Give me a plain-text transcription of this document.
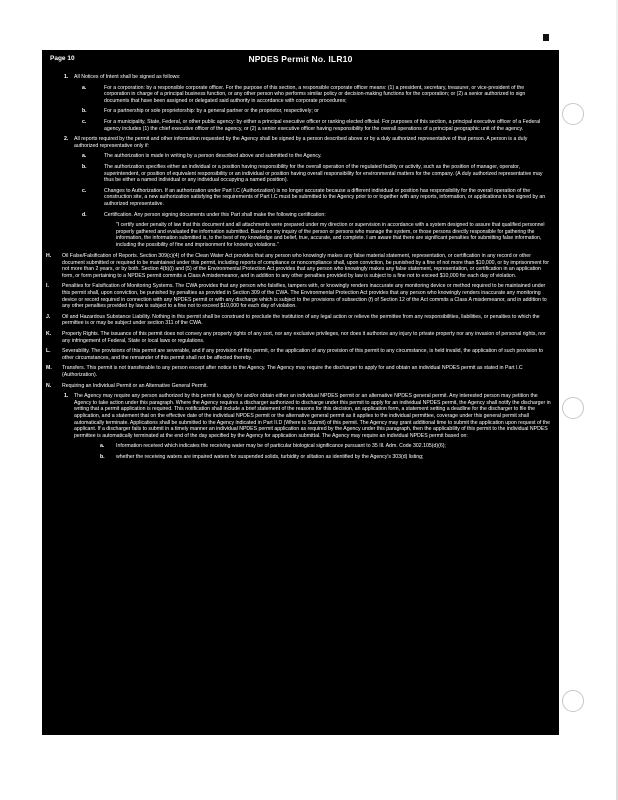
Page 10	NPDES Permit No. ILR10
1. All Notices of Intent shall be signed as follows:
a.	For a corporation: by a responsible corporate officer. For the purpose of this section, a responsible corporate officer means: (1) a president, secretary, treasurer, or vice-president of the corporation in charge of a principal business function, or any other person who performs similar policy or decision-making functions for the corporation; or (2) a senior authorized to sign documents that have been assigned or delegated said authority in accordance with corporate procedures;
b.	For a partnership or sole proprietorship: by a general partner or the proprietor, respectively; or
c.	For a municipality, State, Federal, or other public agency: by either a principal executive officer or ranking elected official. For purposes of this section, a principal executive officer of a Federal agency includes (1) the chief executive officer of the agency, or (2) a senior executive officer having responsibility for the overall operations of a principal geographic unit of the agency.
2. All reports required by the permit and other information requested by the Agency shall be signed by a person described above or by a duly authorized representative of that person. A person is a duly authorized representative only if:
a.	The authorization is made in writing by a person described above and submitted to the Agency.
b.	The authorization specifies either an individual or a position having responsibility for the overall operation of the regulated facility or activity, such as the position of manager, operator, superintendent, or position of equivalent responsibility or an individual or position having overall responsibility for environmental matters for the company. (A duly authorized representative may thus be either a named individual or any individual occupying a named position).
c.	Changes to Authorization. If an authorization under Part I.C (Authorization) is no longer accurate because a different individual or position has responsibility for the overall operation of the construction site, a new authorization satisfying the requirements of Part I.C must be submitted to the Agency prior to or together with any reports, information, or applications to be signed by an authorized representative.
d.	Certification. Any person signing documents under this Part shall make the following certification:
"I certify under penalty of law that this document and all attachments were prepared under my direction or supervision in accordance with a system designed to assure that qualified personnel properly gathered and evaluated the information submitted. Based on my inquiry of the person or persons who manage the system, or those persons directly responsible for gathering the information, the information submitted is, to the best of my knowledge and belief, true, accurate, and complete. I am aware that there are significant penalties for submitting false information, including the possibility of fine and imprisonment for knowing violations."
H.	Oil False/Falsification of Reports. Section 309(c)(4) of the Clean Water Act provides that any person who knowingly makes any false material statement, representation, or certification in any record or other document submitted or required to be maintained under this permit, including reports of compliance or noncompliance shall, upon conviction, be punished by a fine of not more than $10,000, or by imprisonment for not more than 2 years, or by both. Section 4(b)(i) and (5) of the Environmental Protection Act provides that any person who knowingly makes any false statement, representation, or certification in an application form, or form pertaining to a NPDES permit commits a Class A misdemeanor, and in addition to any other penalties provided by law is subject to a fine not to exceed $10,000 for each day of violation.
I.	Penalties for Falsification of Monitoring Systems. The CWA provides that any person who falsifies, tampers with, or knowingly renders inaccurate any monitoring device or method required to be maintained under this permit shall, upon conviction, be punished by penalties as provided in Section 309 of the CWA. The Environmental Protection Act provides that any person who knowingly renders inaccurate any monitoring device or record required in connection with any NPDES permit or with any discharge which is subject to the provisions of subsection (f) of Section 12 of the Act commits a Class A misdemeanor, and in addition to any other penalties provided by law is subject to a fine not to exceed $10,000 for each day of violation.
J.	Oil and Hazardous Substance Liability. Nothing in this permit shall be construed to preclude the institution of any legal action or relieve the permittee from any responsibilities, liabilities, or penalties to which the permittee is or may be subject under section 311 of the CWA.
K.	Property Rights. The issuance of this permit does not convey any property rights of any sort, nor any exclusive privileges, nor does it authorize any injury to private property nor any invasion of personal rights, nor any infringement of Federal, State or local laws or regulations.
L.	Severability. The provisions of this permit are severable, and if any provision of this permit, or the application of any provision of this permit to any circumstance, is held invalid, the application of such provision to other circumstances, and the remainder of this permit shall not be affected thereby.
M.	Transfers. This permit is not transferable to any person except after notice to the Agency. The Agency may require the discharger to apply for and obtain an individual NPDES permit as stated in Part I.C (Authorization).
N.	Requiring an Individual Permit or an Alternative General Permit.
1. The Agency may require any person authorized by this permit to apply for and/or obtain either an individual NPDES permit or an alternative NPDES general permit. Any interested person may petition the Agency to take action under this paragraph. Where the Agency requires a discharger authorized to discharge under this permit to apply for an individual NPDES permit, the Agency shall notify the discharger in writing that a permit application is required. This notification shall include a brief statement of the reasons for this decision, an application form, a statement setting a deadline for the discharger to file the application, and a statement that on the effective date of the individual NPDES permit or the alternative general permit as it applies to the individual permittee, coverage under this general permit shall automatically terminate. Applications shall be submitted to the Agency indicated in Part II.D (Where to Submit) of this permit. The Agency may grant additional time to submit the application upon request of the applicant. If a discharger fails to submit in a timely manner an individual NPDES permit application as required by the Agency under this paragraph, then the applicability of this permit to the individual NPDES permittee is automatically terminated at the end of the day specified by the Agency for application submittal. The Agency may require an individual NPDES permit based on:
a. Information received which indicates the receiving water may be of particular biological significance pursuant to 35 Ill. Adm. Code 302.105(d)(6);
b. whether the receiving waters are impaired waters for suspended solids, turbidity or siltation as identified by the Agency's 303(d) listing;
